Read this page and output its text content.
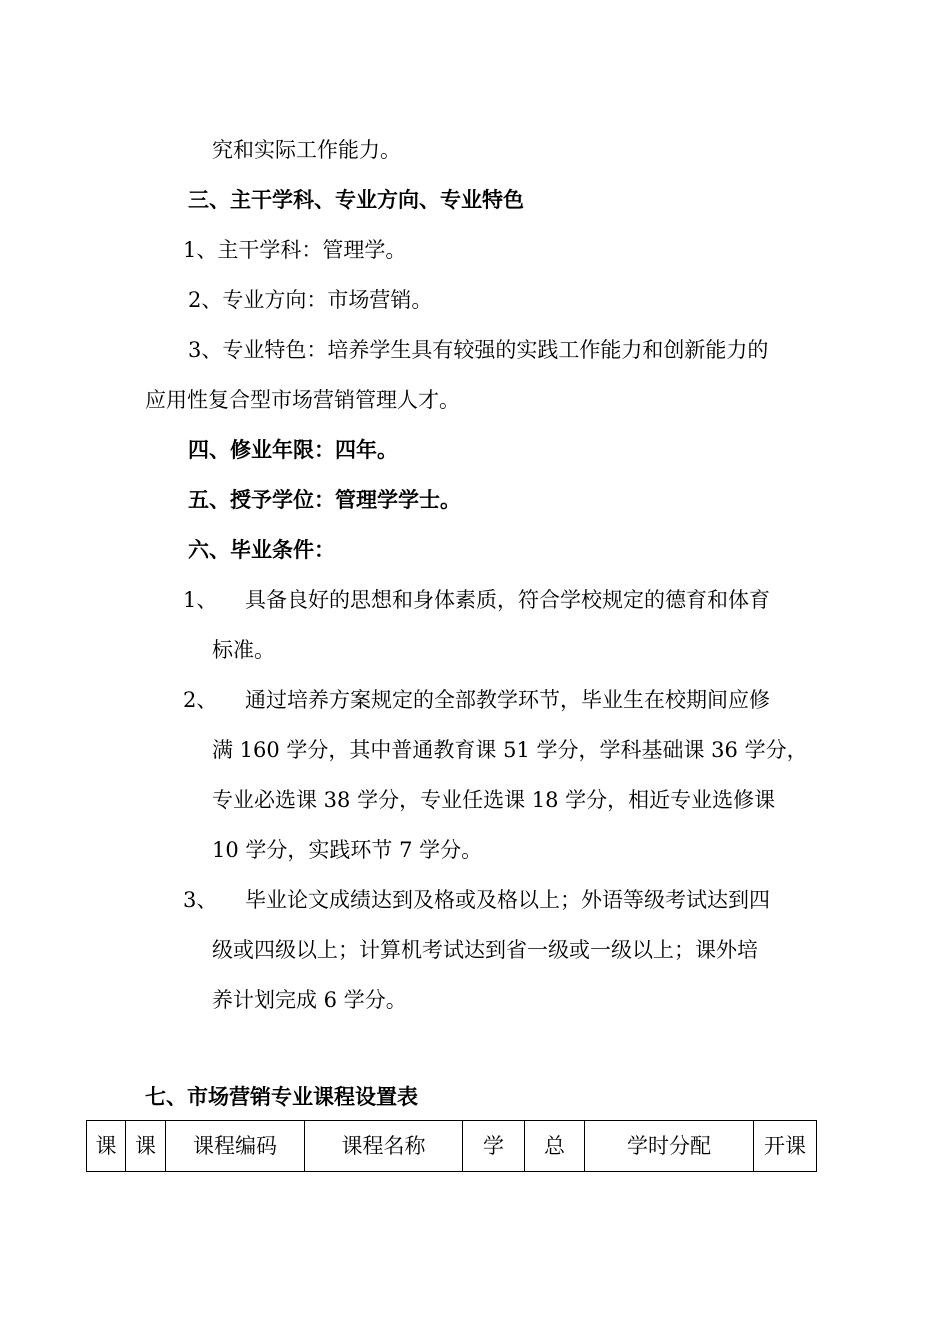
究和实际工作能力。
三、主干学科、专业方向、专业特色
1、主干学科：管理学。
2、专业方向：市场营销。
3、专业特色：培养学生具有较强的实践工作能力和创新能力的
应用性复合型市场营销管理人才。
四、修业年限：四年。
五、授予学位：管理学学士。
六、毕业条件：
1、 具备良好的思想和身体素质，符合学校规定的德育和体育
标准。
2、 通过培养方案规定的全部教学环节，毕业生在校期间应修
满 160 学分，其中普通教育课 51 学分，学科基础课 36 学分，
专业必选课 38 学分，专业任选课 18 学分，相近专业选修课
10 学分，实践环节 7 学分。
3、 毕业论文成绩达到及格或及格以上；外语等级考试达到四
级或四级以上；计算机考试达到省一级或一级以上；课外培
养计划完成 6 学分。
七、市场营销专业课程设置表
课	课	课程编码	课程名称	学	总	学时分配	开课
